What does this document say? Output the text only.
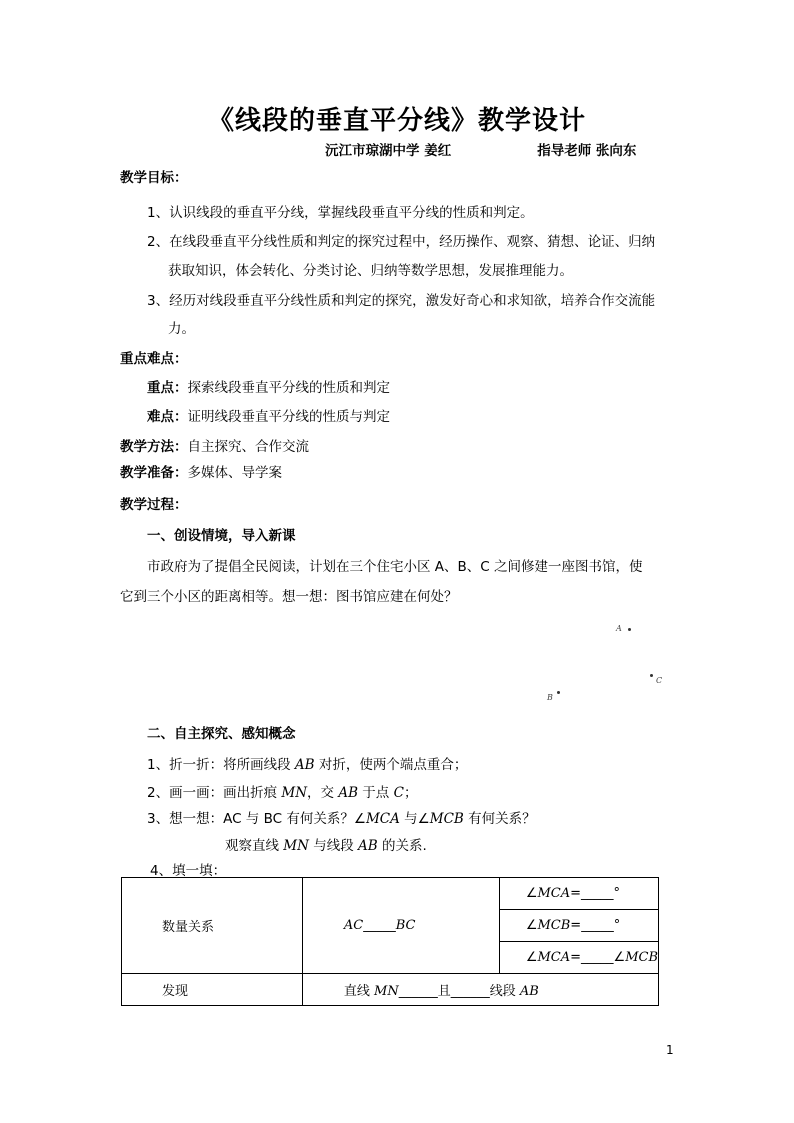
《线段的垂直平分线》教学设计
沅江市琼湖中学 姜红	指导老师 张向东
教学目标：
1、认识线段的垂直平分线，掌握线段垂直平分线的性质和判定。
2、在线段垂直平分线性质和判定的探究过程中，经历操作、观察、猜想、论证、归纳
获取知识，体会转化、分类讨论、归纳等数学思想，发展推理能力。
3、经历对线段垂直平分线性质和判定的探究，激发好奇心和求知欲，培养合作交流能
力。
重点难点：
重点：探索线段垂直平分线的性质和判定
难点：证明线段垂直平分线的性质与判定
教学方法：自主探究、合作交流
教学准备：多媒体、导学案
教学过程：
一、创设情境，导入新课
市政府为了提倡全民阅读，计划在三个住宅小区 A、B、C 之间修建一座图书馆，使
它到三个小区的距离相等。想一想：图书馆应建在何处？
A
C
B
二、自主探究、感知概念
1、折一折：将所画线段 AB 对折，使两个端点重合；
2、画一画：画出折痕 MN，交 AB 于点 C；
3、想一想：AC 与 BC 有何关系？∠MCA 与∠MCB 有何关系？
观察直线 MN 与线段 AB 的关系.
4、填一填：
数量关系	AC_____BC	∠MCA=_____°
		∠MCB=_____°
		∠MCA=_____∠MCB
发现	直线 MN______且______线段 AB	
1
